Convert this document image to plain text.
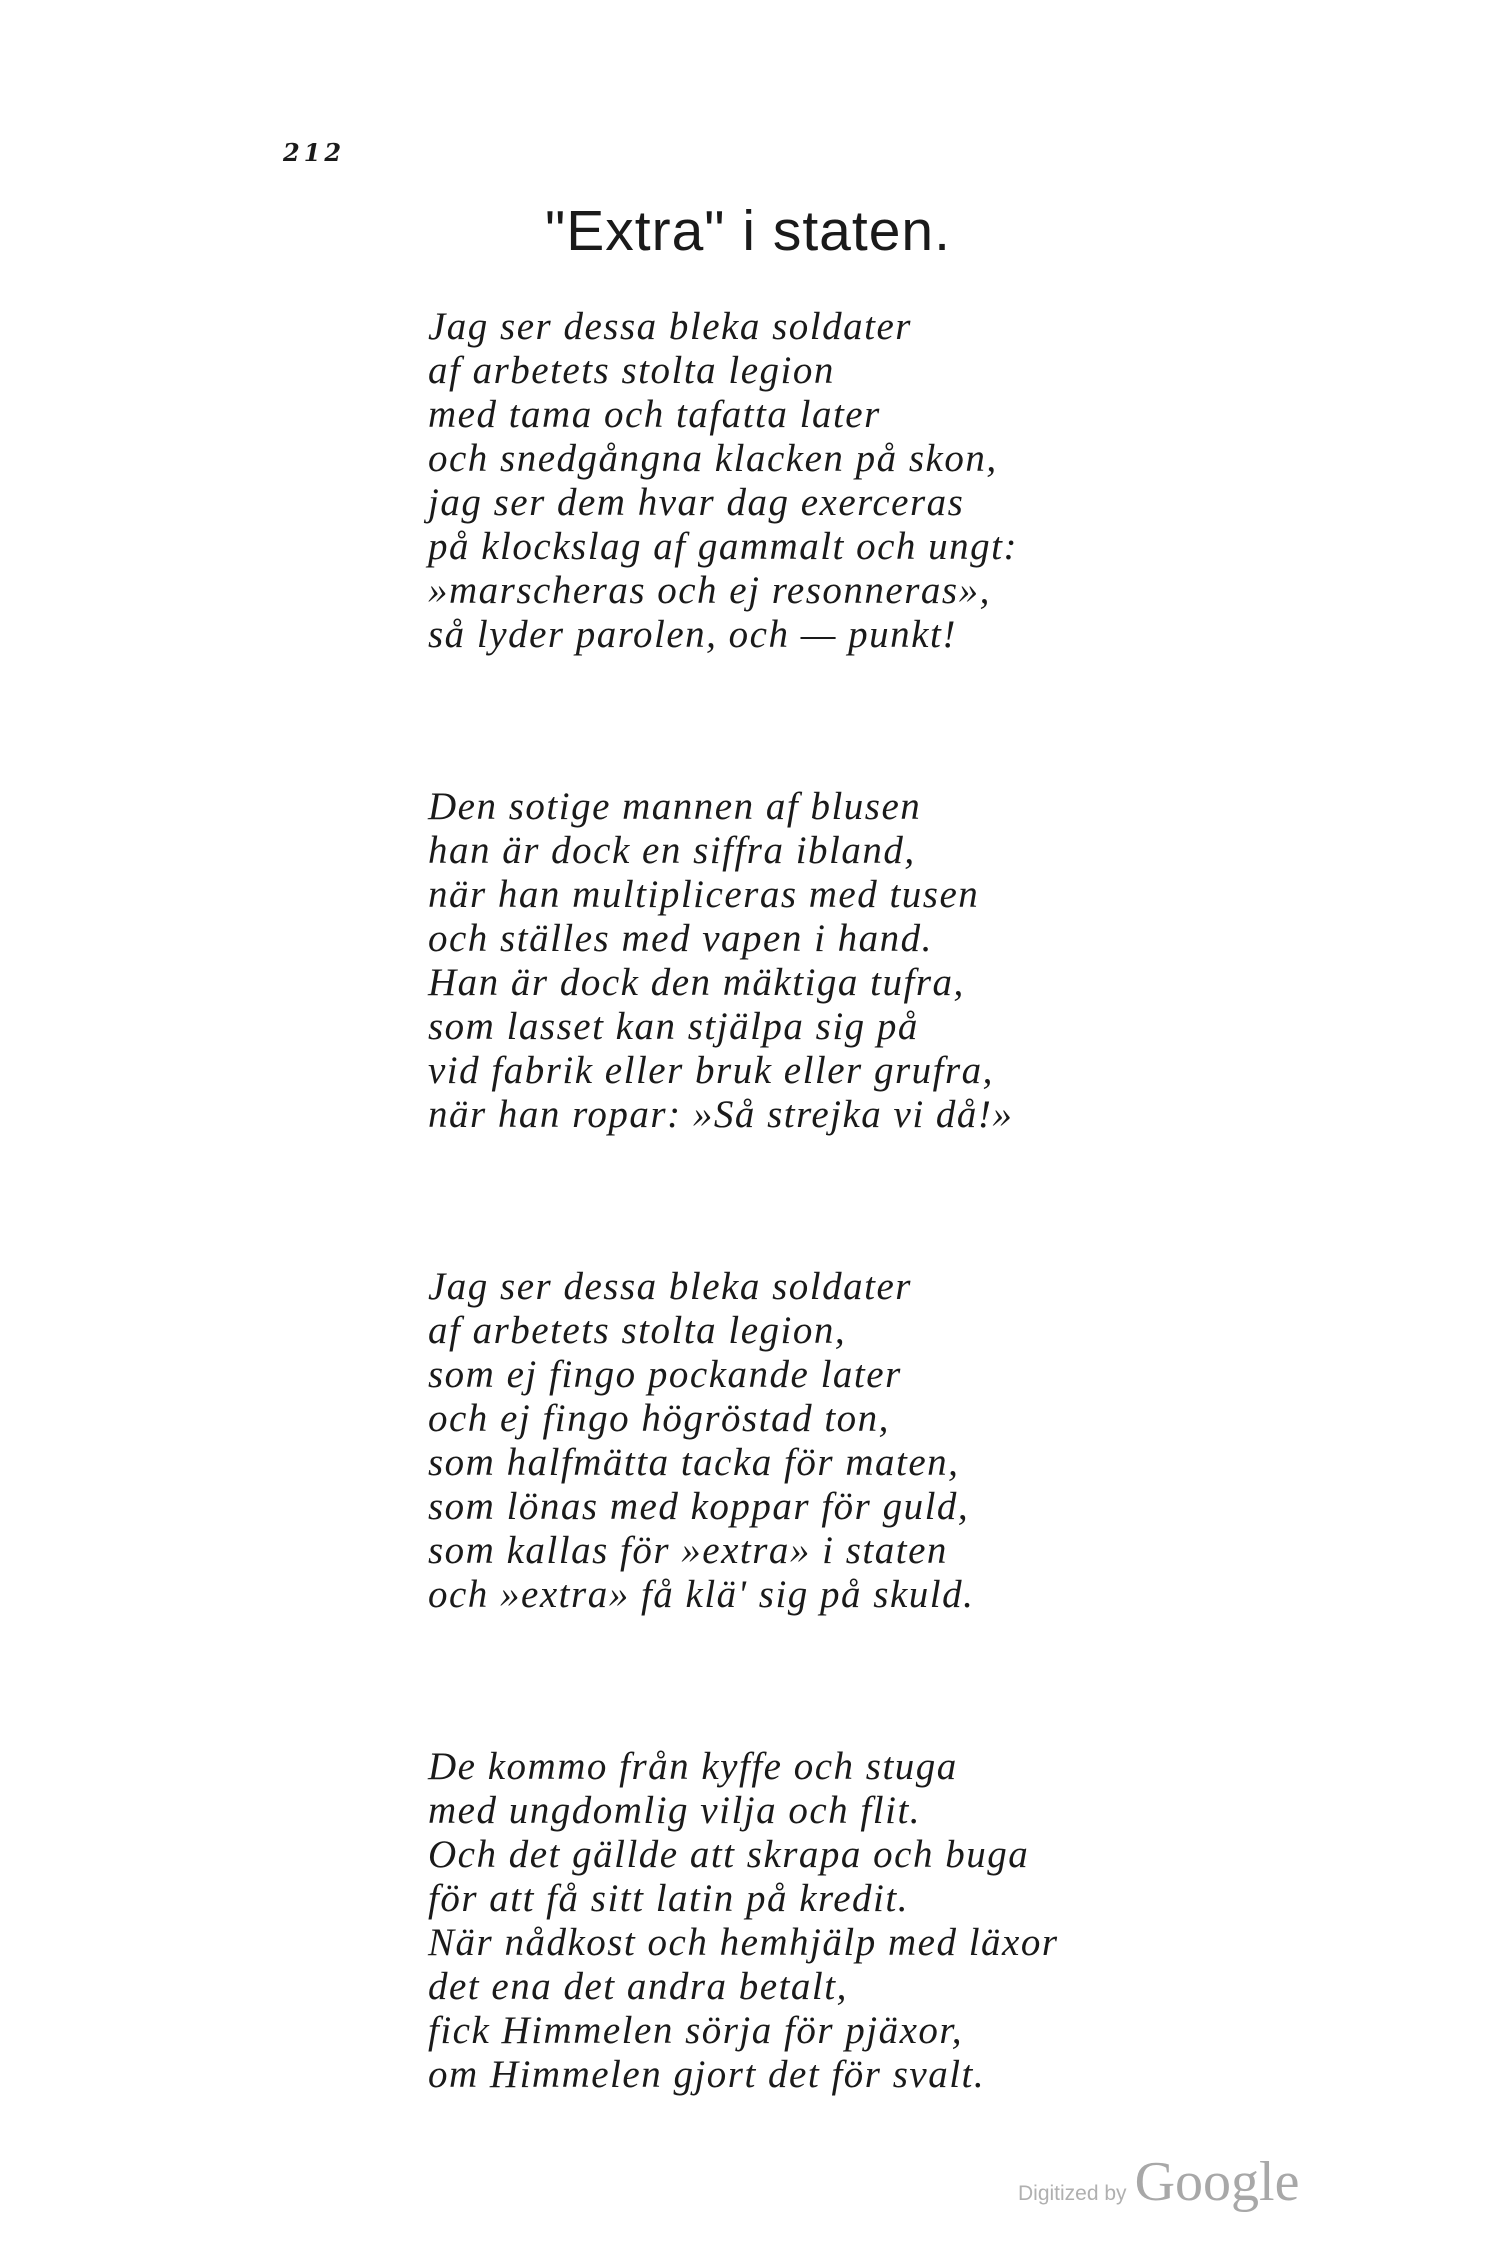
212
"Extra" i staten.
Jag ser dessa bleka soldater
af arbetets stolta legion
med tama och tafatta later
och snedgångna klacken på skon,
jag ser dem hvar dag exerceras
på klockslag af gammalt och ungt:
»marscheras och ej resonneras»,
så lyder parolen, och — punkt!
Den sotige mannen af blusen
han är dock en siffra ibland,
när han multipliceras med tusen
och ställes med vapen i hand.
Han är dock den mäktiga tufra,
som lasset kan stjälpa sig på
vid fabrik eller bruk eller grufra,
när han ropar: »Så strejka vi då!»
Jag ser dessa bleka soldater
af arbetets stolta legion,
som ej fingo pockande later
och ej fingo högröstad ton,
som halfmätta tacka för maten,
som lönas med koppar för guld,
som kallas för »extra» i staten
och »extra» få klä' sig på skuld.
De kommo från kyffe och stuga
med ungdomlig vilja och flit.
Och det gällde att skrapa och buga
för att få sitt latin på kredit.
När nådkost och hemhjälp med läxor
det ena det andra betalt,
fick Himmelen sörja för pjäxor,
om Himmelen gjort det för svalt.
Digitized by Google
